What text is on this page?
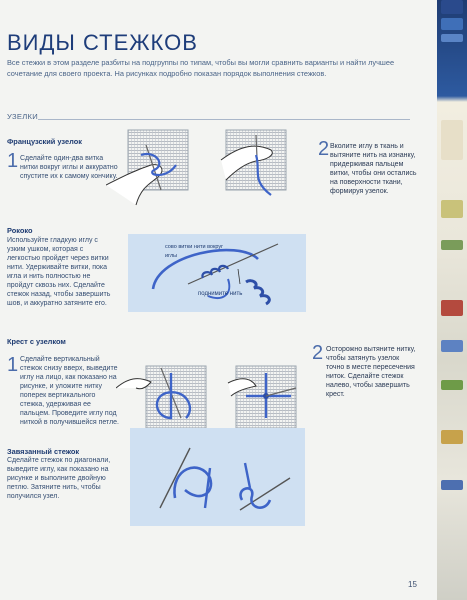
ВИДЫ СТЕЖКОВ
Все стежки в этом разделе разбиты на подгруппы по типам, чтобы вы могли сравнить варианты и найти лучшее сочетание для своего проекта. На рисунках подробно показан порядок выполнения стежков.
УЗЕЛКИ
Французский узелок
1 Сделайте один-два витка нитки вокруг иглы и аккуратно спустите их к самому кончику.
2 Вколите иглу в ткань и вытяните нить на изнанку, придерживая пальцем витки, чтобы они остались на поверхности ткани, формируя узелок.
Рококо
Используйте гладкую иглу с узким ушком, которая с легкостью пройдет через витки нити. Удерживайте витки, пока игла и нить полностью не пройдут сквозь них. Сделайте стежок назад, чтобы завершить шов, и аккуратно затяните его.
сово витки нити вокруг иглы
поднимите нить
Крест с узелком
1 Сделайте вертикальный стежок снизу вверх, выведите иглу на лицо, как показано на рисунке, и уложите нитку поперек вертикального стежка, удерживая ее пальцем. Проведите иглу под ниткой в получившейся петле.
2 Осторожно вытяните нитку, чтобы затянуть узелок точно в месте пересечения ниток. Сделайте стежок налево, чтобы завершить крест.
Завязанный стежок
Сделайте стежок по диагонали, выведите иглу, как показано на рисунке и выполните двойную петлю. Затяните нить, чтобы получился узел.
15
